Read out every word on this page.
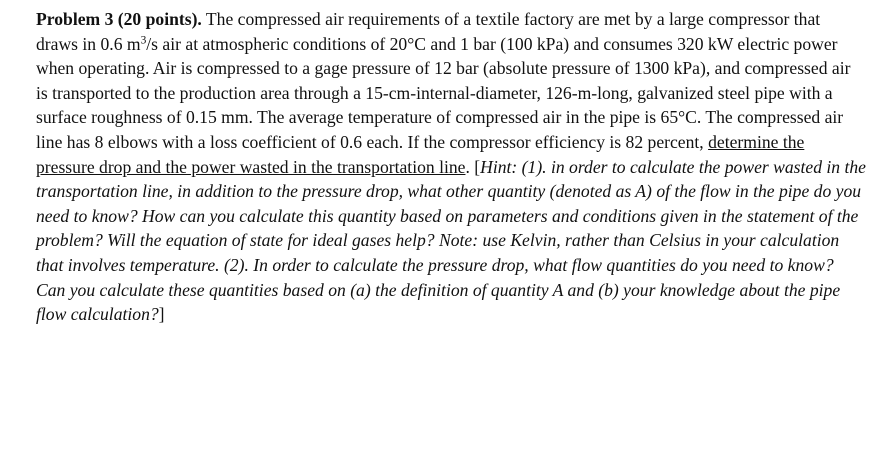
Problem 3 (20 points). The compressed air requirements of a textile factory are met by a large compressor that draws in 0.6 $m^3/s$ air at atmospheric conditions of 20°C and 1 bar (100 kPa) and consumes 320 kW electric power when operating. Air is compressed to a gage pressure of 12 bar (absolute pressure of 1300 kPa), and compressed air is transported to the production area through a 15-cm-internal-diameter, 126-m-long, galvanized steel pipe with a surface roughness of 0.15 mm. The average temperature of compressed air in the pipe is 65°C. The compressed air line has 8 elbows with a loss coefficient of 0.6 each. If the compressor efficiency is 82 percent, determine the pressure drop and the power wasted in the transportation line. [Hint: (1). in order to calculate the power wasted in the transportation line, in addition to the pressure drop, what other quantity (denoted as A) of the flow in the pipe do you need to know? How can you calculate this quantity based on parameters and conditions given in the statement of the problem? Will the equation of state for ideal gases help? Note: use Kelvin, rather than Celsius in your calculation that involves temperature. (2). In order to calculate the pressure drop, what flow quantities do you need to know? Can you calculate these quantities based on (a) the definition of quantity A and (b) your knowledge about the pipe flow calculation?]
